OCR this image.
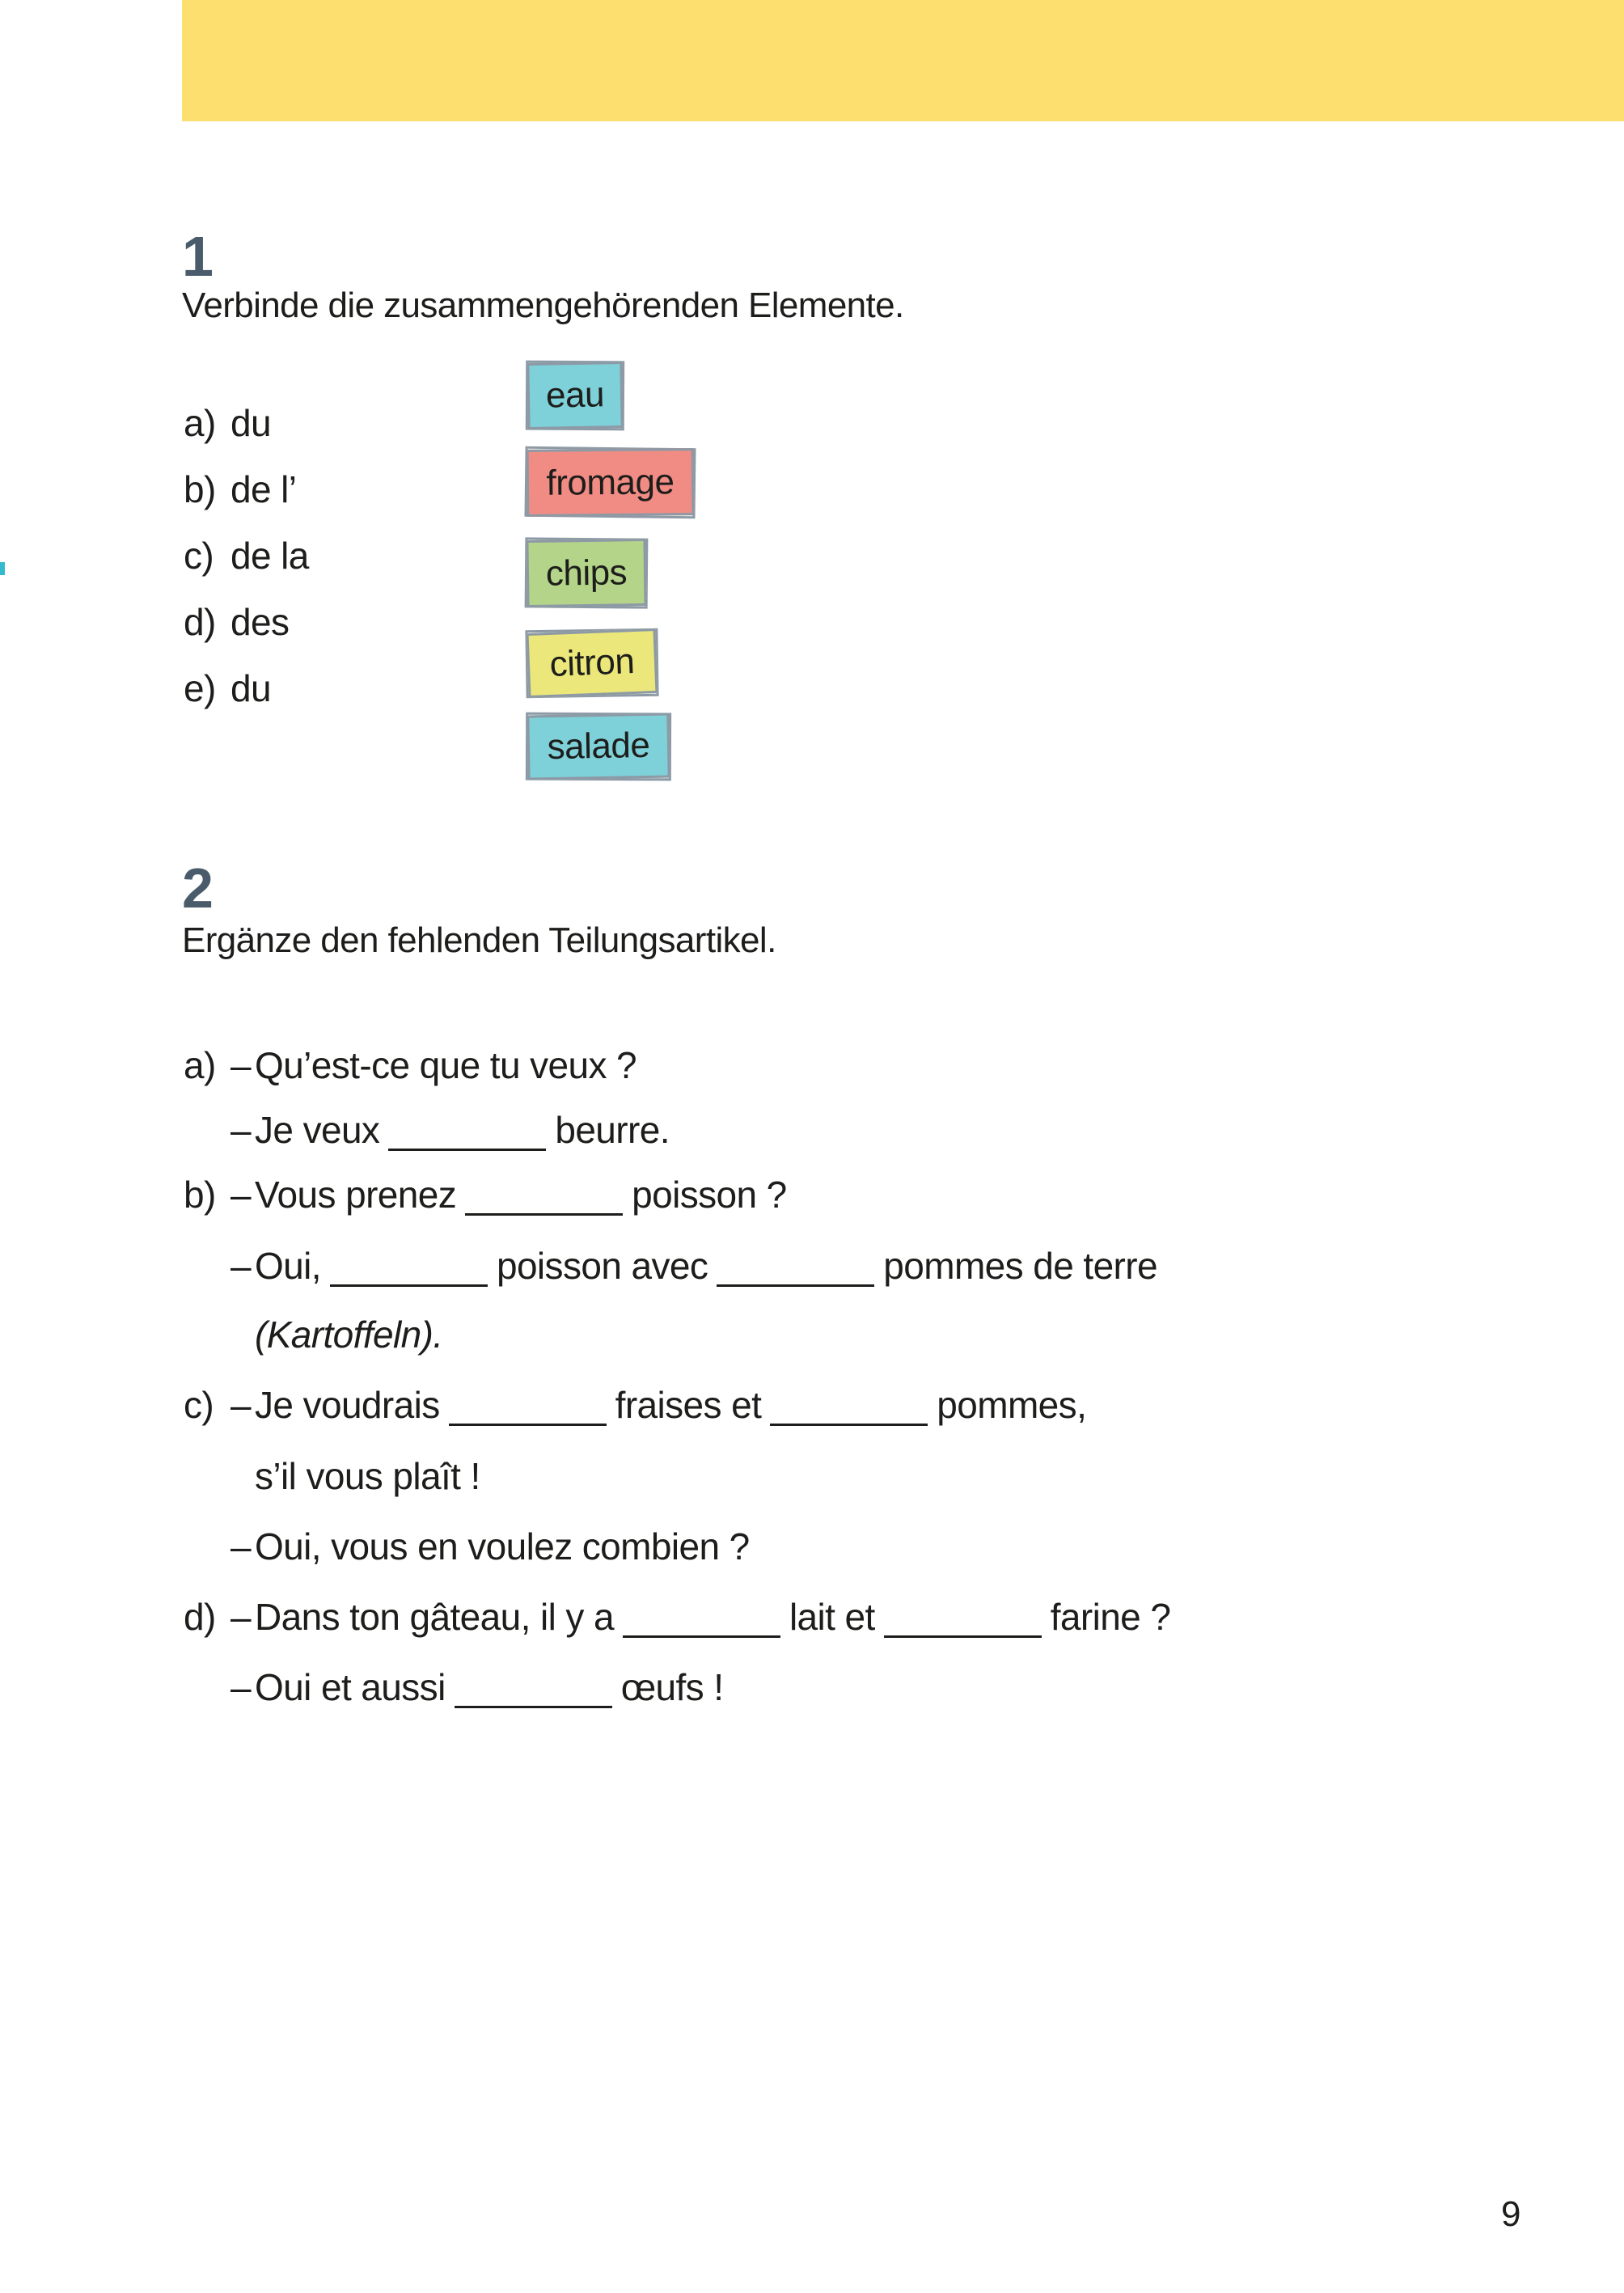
1
Verbinde die zusammengehörenden Elemente.
a) du
b) de l’
c) de la
d) des
e) du
eau
fromage
chips
citron
salade
2
Ergänze den fehlenden Teilungsartikel.
a) – Qu’est-ce que tu veux ?
– Je veux	beurre.
b) – Vous prenez	poisson ?
– Oui,	poisson avec	pommes de terre
(Kartoffeln).
c) – Je voudrais	fraises et	pommes,
s’il vous plaît !
– Oui, vous en voulez combien ?
d) – Dans ton gâteau, il y a	lait et	farine ?
– Oui et aussi	œufs !
9
